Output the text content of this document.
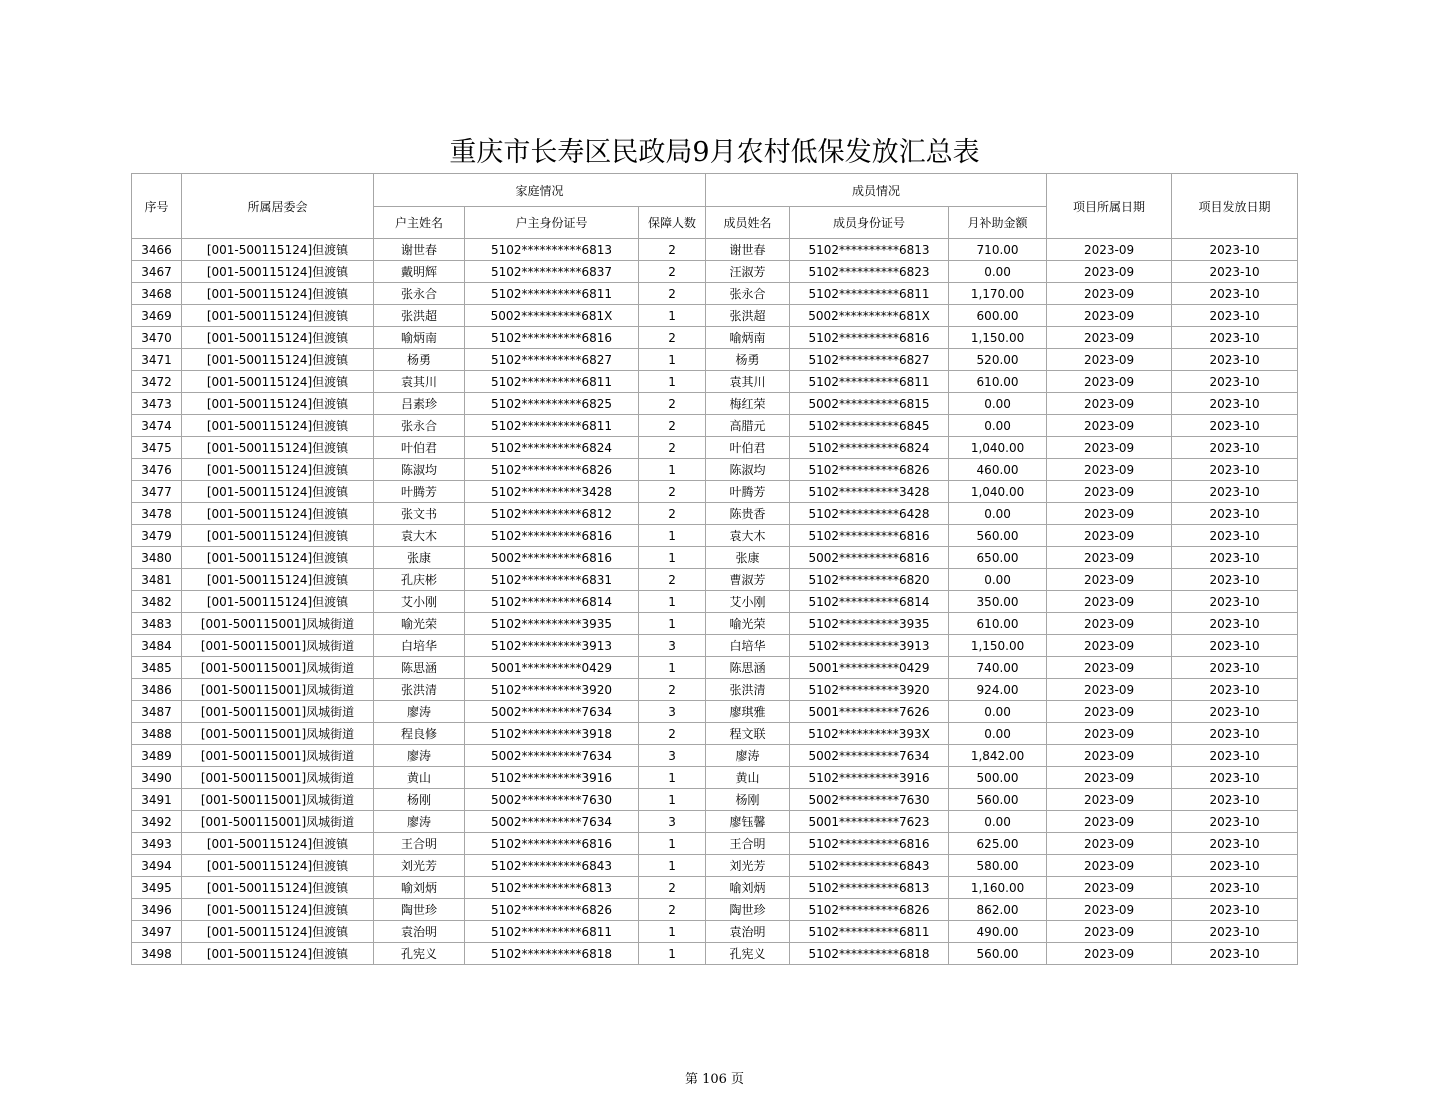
重庆市长寿区民政局9月农村低保发放汇总表
序号	所属居委会	家庭情况			成员情况			项目所属日期	项目发放日期
		户主姓名	户主身份证号	保障人数	成员姓名	成员身份证号	月补助金额		
3466	[001-500115124]但渡镇	谢世春	5102**********6813	2	谢世春	5102**********6813	710.00	2023-09	2023-10
3467	[001-500115124]但渡镇	戴明辉	5102**********6837	2	汪淑芳	5102**********6823	0.00	2023-09	2023-10
3468	[001-500115124]但渡镇	张永合	5102**********6811	2	张永合	5102**********6811	1,170.00	2023-09	2023-10
3469	[001-500115124]但渡镇	张洪超	5002**********681X	1	张洪超	5002**********681X	600.00	2023-09	2023-10
3470	[001-500115124]但渡镇	喻炳南	5102**********6816	2	喻炳南	5102**********6816	1,150.00	2023-09	2023-10
3471	[001-500115124]但渡镇	杨勇	5102**********6827	1	杨勇	5102**********6827	520.00	2023-09	2023-10
3472	[001-500115124]但渡镇	袁其川	5102**********6811	1	袁其川	5102**********6811	610.00	2023-09	2023-10
3473	[001-500115124]但渡镇	吕素珍	5102**********6825	2	梅红荣	5002**********6815	0.00	2023-09	2023-10
3474	[001-500115124]但渡镇	张永合	5102**********6811	2	高腊元	5102**********6845	0.00	2023-09	2023-10
3475	[001-500115124]但渡镇	叶伯君	5102**********6824	2	叶伯君	5102**********6824	1,040.00	2023-09	2023-10
3476	[001-500115124]但渡镇	陈淑均	5102**********6826	1	陈淑均	5102**********6826	460.00	2023-09	2023-10
3477	[001-500115124]但渡镇	叶腾芳	5102**********3428	2	叶腾芳	5102**********3428	1,040.00	2023-09	2023-10
3478	[001-500115124]但渡镇	张文书	5102**********6812	2	陈贵香	5102**********6428	0.00	2023-09	2023-10
3479	[001-500115124]但渡镇	袁大木	5102**********6816	1	袁大木	5102**********6816	560.00	2023-09	2023-10
3480	[001-500115124]但渡镇	张康	5002**********6816	1	张康	5002**********6816	650.00	2023-09	2023-10
3481	[001-500115124]但渡镇	孔庆彬	5102**********6831	2	曹淑芳	5102**********6820	0.00	2023-09	2023-10
3482	[001-500115124]但渡镇	艾小刚	5102**********6814	1	艾小刚	5102**********6814	350.00	2023-09	2023-10
3483	[001-500115001]凤城街道	喻光荣	5102**********3935	1	喻光荣	5102**********3935	610.00	2023-09	2023-10
3484	[001-500115001]凤城街道	白培华	5102**********3913	3	白培华	5102**********3913	1,150.00	2023-09	2023-10
3485	[001-500115001]凤城街道	陈思涵	5001**********0429	1	陈思涵	5001**********0429	740.00	2023-09	2023-10
3486	[001-500115001]凤城街道	张洪清	5102**********3920	2	张洪清	5102**********3920	924.00	2023-09	2023-10
3487	[001-500115001]凤城街道	廖涛	5002**********7634	3	廖琪雅	5001**********7626	0.00	2023-09	2023-10
3488	[001-500115001]凤城街道	程良修	5102**********3918	2	程文联	5102**********393X	0.00	2023-09	2023-10
3489	[001-500115001]凤城街道	廖涛	5002**********7634	3	廖涛	5002**********7634	1,842.00	2023-09	2023-10
3490	[001-500115001]凤城街道	黄山	5102**********3916	1	黄山	5102**********3916	500.00	2023-09	2023-10
3491	[001-500115001]凤城街道	杨刚	5002**********7630	1	杨刚	5002**********7630	560.00	2023-09	2023-10
3492	[001-500115001]凤城街道	廖涛	5002**********7634	3	廖钰馨	5001**********7623	0.00	2023-09	2023-10
3493	[001-500115124]但渡镇	王合明	5102**********6816	1	王合明	5102**********6816	625.00	2023-09	2023-10
3494	[001-500115124]但渡镇	刘光芳	5102**********6843	1	刘光芳	5102**********6843	580.00	2023-09	2023-10
3495	[001-500115124]但渡镇	喻刘炳	5102**********6813	2	喻刘炳	5102**********6813	1,160.00	2023-09	2023-10
3496	[001-500115124]但渡镇	陶世珍	5102**********6826	2	陶世珍	5102**********6826	862.00	2023-09	2023-10
3497	[001-500115124]但渡镇	袁治明	5102**********6811	1	袁治明	5102**********6811	490.00	2023-09	2023-10
3498	[001-500115124]但渡镇	孔宪义	5102**********6818	1	孔宪义	5102**********6818	560.00	2023-09	2023-10
第 106 页
